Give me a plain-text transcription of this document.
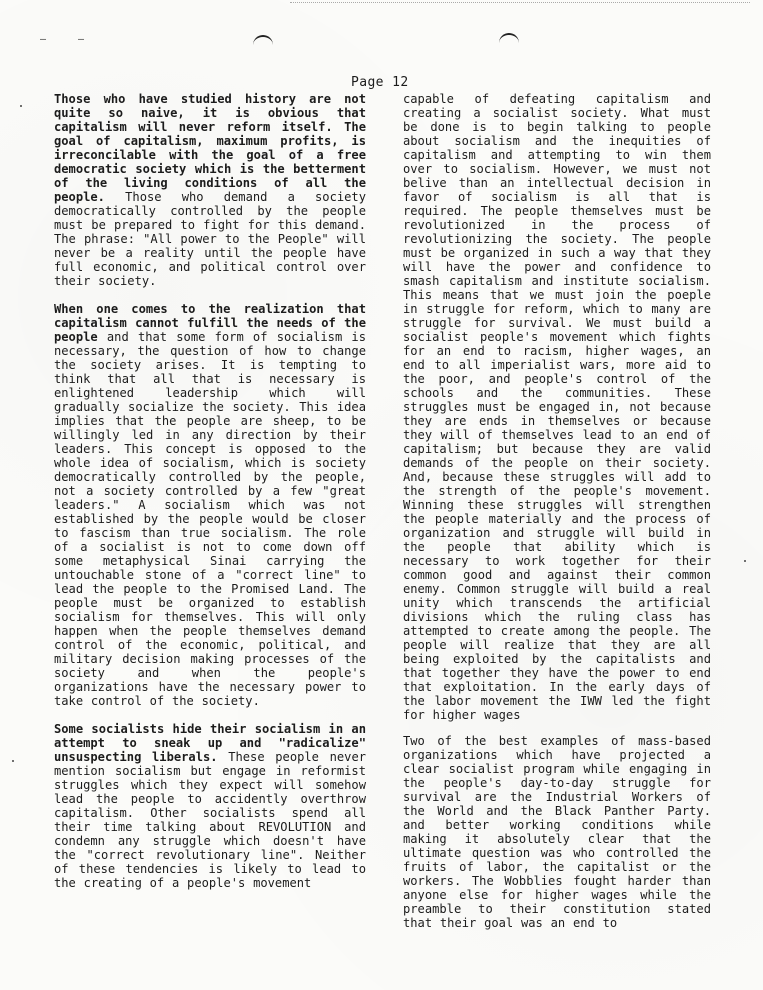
–	–
Page 12

Those who have studied history are not quite so naive, it is obvious that capitalism will never reform itself. The goal of capitalism, maximum profits, is irreconcilable with the goal of a free democratic society which is the betterment of the living conditions of all the people. Those who demand a society democratically controlled by the people must be prepared to fight for this demand. The phrase: "All power to the People" will never be a reality until the people have full economic, and political control over their society.

When one comes to the realization that capitalism cannot fulfill the needs of the people and that some form of socialism is necessary, the question of how to change the society arises. It is tempting to think that all that is necessary is enlightened leadership which will gradually socialize the society. This idea implies that the people are sheep, to be willingly led in any direction by their leaders. This concept is opposed to the whole idea of socialism, which is society democratically controlled by the people, not a society controlled by a few "great leaders." A socialism which was not established by the people would be closer to fascism than true socialism. The role of a socialist is not to come down off some metaphysical Sinai carrying the untouchable stone of a "correct line" to lead the people to the Promised Land. The people must be organized to establish socialism for themselves. This will only happen when the people themselves demand control of the economic, political, and military decision making processes of the society and when the people's organizations have the necessary power to take control of the society.

Some socialists hide their socialism in an attempt to sneak up and "radicalize" unsuspecting liberals. These people never mention socialism but engage in reformist struggles which they expect will somehow lead the people to accidently overthrow capitalism. Other socialists spend all their time talking about REVOLUTION and condemn any struggle which doesn't have the "correct revolutionary line". Neither of these tendencies is likely to lead to the creating of a people's movement

capable of defeating capitalism and creating a socialist society. What must be done is to begin talking to people about socialism and the inequities of capitalism and attempting to win them over to socialism. However, we must not belive than an intellectual decision in favor of socialism is all that is required. The people themselves must be revolutionized in the process of revolutionizing the society. The people must be organized in such a way that they will have the power and confidence to smash capitalism and institute socialism. This means that we must join the poeple in struggle for reform, which to many are struggle for survival. We must build a socialist people's movement which fights for an end to racism, higher wages, an end to all imperialist wars, more aid to the poor, and people's control of the schools and the communities. These struggles must be engaged in, not because they are ends in themselves or because they will of themselves lead to an end of capitalism; but because they are valid demands of the people on their society. And, because these struggles will add to the strength of the people's movement. Winning these struggles will strengthen the people materially and the process of organization and struggle will build in the people that ability which is necessary to work together for their common good and against their common enemy. Common struggle will build a real unity which transcends the artificial divisions which the ruling class has attempted to create among the people. The people will realize that they are all being exploited by the capitalists and that together they have the power to end that exploitation. In the early days of the labor movement the IWW led the fight for higher wages

Two of the best examples of mass-based organizations which have projected a clear socialist program while engaging in the people's day-to-day struggle for survival are the Industrial Workers of the World and the Black Panther Party. and better working conditions while making it absolutely clear that the ultimate question was who controlled the fruits of labor, the capitalist or the workers. The Wobblies fought harder than anyone else for higher wages while the preamble to their constitution stated that their goal was an end to
